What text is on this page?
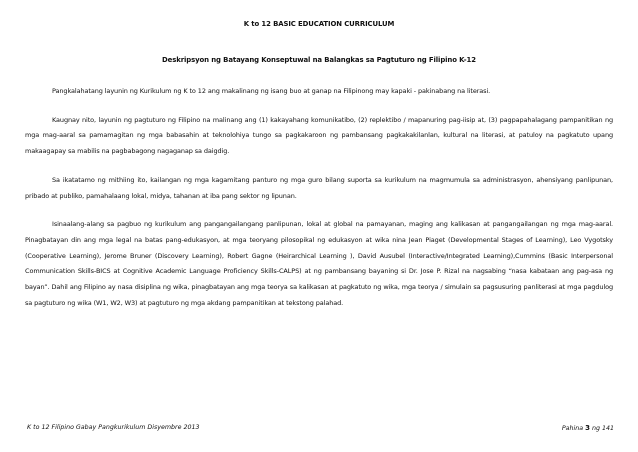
K to 12 BASIC EDUCATION CURRICULUM
Deskripsyon ng Batayang Konseptuwal na Balangkas sa Pagtuturo ng Filipino K-12

Pangkalahatang layunin ng Kurikulum ng K to 12 ang makalinang ng isang buo at ganap na Filipinong may kapaki - pakinabang na literasi.

Kaugnay nito, layunin ng pagtuturo ng Filipino na malinang ang (1) kakayahang komunikatibo, (2) replektibo / mapanuring pag-iisip at, (3) pagpapahalagang pampanitikan ng mga mag-aaral sa pamamagitan ng mga babasahin at teknolohiya tungo sa pagkakaroon ng pambansang pagkakakilanlan, kultural na literasi, at patuloy na pagkatuto upang makaagapay sa mabilis na pagbabagong nagaganap sa daigdig.

Sa ikatatamo ng mithiing ito, kailangan ng mga kagamitang panturo ng mga guro bilang suporta sa kurikulum na magmumula sa administrasyon, ahensiyang panlipunan, pribado at publiko, pamahalaang lokal, midya, tahanan at iba pang sektor ng lipunan.

Isinaalang-alang sa pagbuo ng kurikulum ang pangangailangang panlipunan, lokal at global na pamayanan, maging ang kalikasan at pangangailangan ng mga mag-aaral. Pinagbatayan din ang mga legal na batas pang-edukasyon, at mga teoryang pilosopikal ng edukasyon at wika nina Jean Piaget (Developmental Stages of Learning), Leo Vygotsky (Cooperative Learning), Jerome Bruner (Discovery Learning), Robert Gagne (Heirarchical Learning ), David Ausubel (Interactive/Integrated Learning),Cummins (Basic Interpersonal Communication Skills-BICS at Cognitive Academic Language Proficiency Skills-CALPS) at ng pambansang bayaning si Dr. Jose P. Rizal na nagsabing “nasa kabataan ang pag-asa ng bayan”. Dahil ang Filipino ay nasa disiplina ng wika, pinagbatayan ang mga teorya sa kalikasan at pagkatuto ng wika, mga teorya / simulain sa pagsusuring panliterasi at mga pagdulog sa pagtuturo ng wika (W1, W2, W3) at pagtuturo ng mga akdang pampanitikan at tekstong palahad.

K to 12 Filipino Gabay Pangkurikulum Disyembre 2013	Pahina 3 ng 141
